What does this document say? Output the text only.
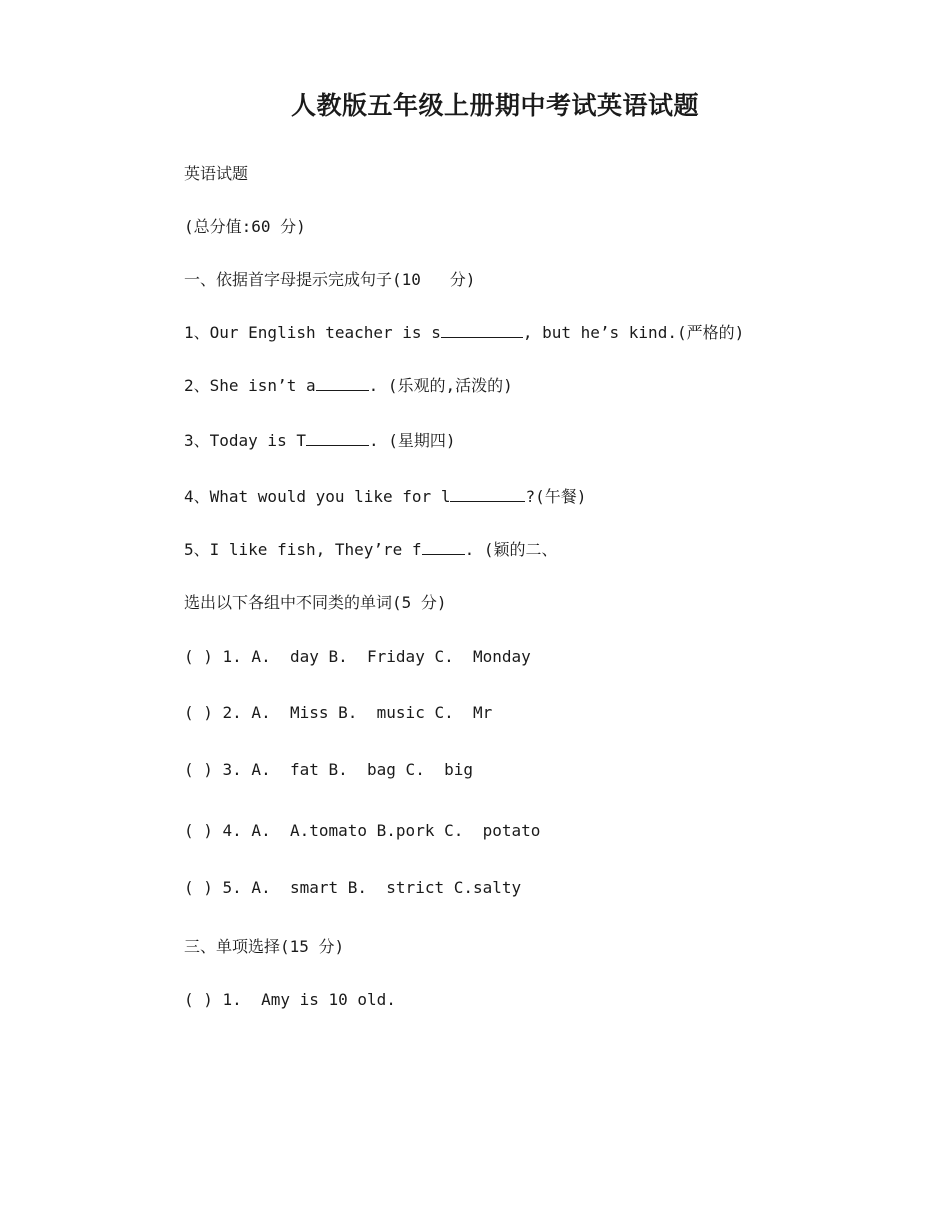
人教版五年级上册期中考试英语试题

英语试题

(总分值:60 分)

一、依据首字母提示完成句子(10   分)

1、Our English teacher is s	, but he’s kind.(严格的)

2、She isn’t a	. (乐观的,活泼的)

3、Today is T	. (星期四)

4、What would you like for l	?(午餐)

5、I like fish, They’re f	. (颖的二、

选出以下各组中不同类的单词(5 分)

( ) 1. A.  day B.  Friday C.  Monday

( ) 2. A.  Miss B.  music C.  Mr

( ) 3. A.  fat B.  bag C.  big

( ) 4. A.  A.tomato B.pork C.  potato

( ) 5. A.  smart B.  strict C.salty

三、单项选择(15 分)

( ) 1.  Amy is 10 old.
